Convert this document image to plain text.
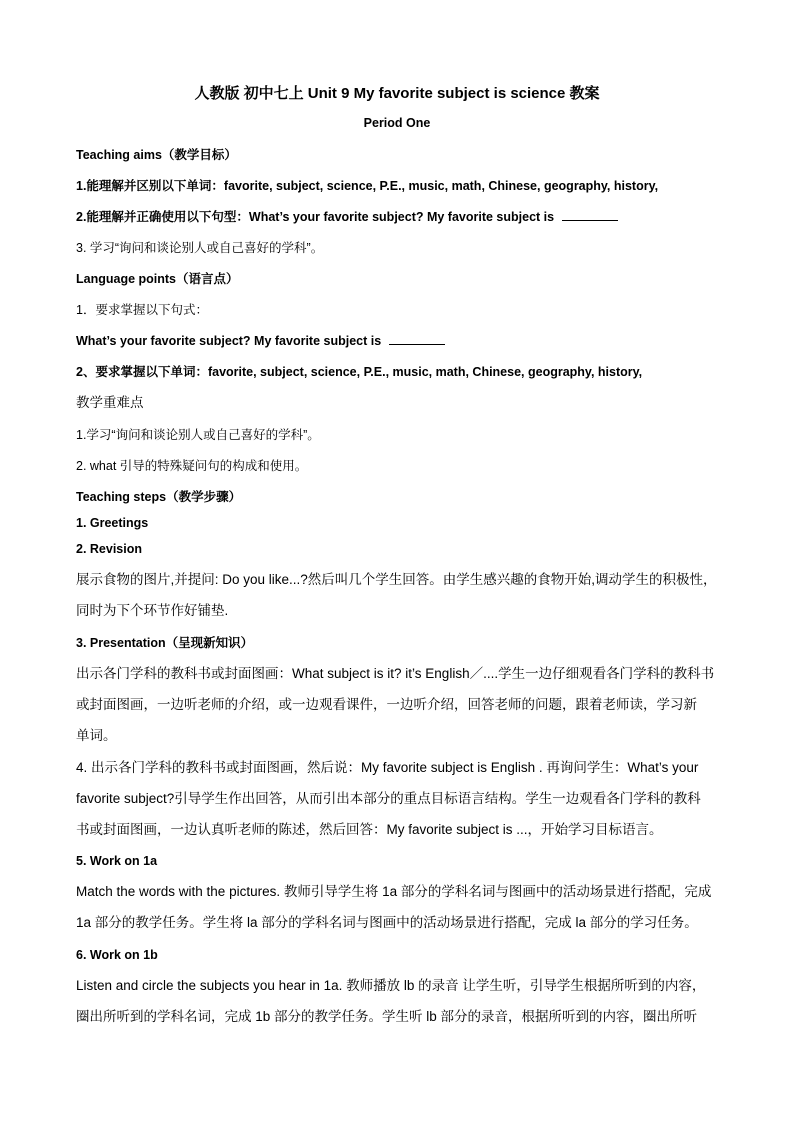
人教版 初中七上 Unit 9 My favorite subject is science 教案
Period One
Teaching aims（教学目标）
1.能理解并区别以下单词：favorite, subject, science, P.E., music, math, Chinese, geography, history,
2.能理解并正确使用以下句型：What’s your favorite subject? My favorite subject is
3. 学习“询问和谈论别人或自己喜好的学科”。
Language points（语言点）
1．要求掌握以下句式：
What’s your favorite subject? My favorite subject is
2、要求掌握以下单词：favorite, subject, science, P.E., music, math, Chinese, geography, history,
教学重难点
1.学习“询问和谈论别人或自己喜好的学科”。
2. what 引导的特殊疑问句的构成和使用。
Teaching steps（教学步骤）
1. Greetings
2. Revision
展示食物的图片,并提问: Do you like...?然后叫几个学生回答。由学生感兴趣的食物开始,调动学生的积极性，
同时为下个环节作好铺垫.
3. Presentation（呈现新知识）
出示各门学科的教科书或封面图画：What subject is it? it’s English／....学生一边仔细观看各门学科的教科书
或封面图画，一边听老师的介绍，或一边观看课件，一边听介绍，回答老师的问题，跟着老师读，学习新
单词。
4. 出示各门学科的教科书或封面图画，然后说：My favorite subject is English . 再询问学生：What’s your
favorite subject?引导学生作出回答，从而引出本部分的重点目标语言结构。学生一边观看各门学科的教科
书或封面图画，一边认真听老师的陈述，然后回答：My favorite subject is ...，开始学习目标语言。
5. Work on 1a
Match the words with the pictures. 教师引导学生将 1a 部分的学科名词与图画中的活动场景进行搭配，完成
1a 部分的教学任务。学生将 la 部分的学科名词与图画中的活动场景进行搭配，完成 la 部分的学习任务。
6. Work on 1b
Listen and circle the subjects you hear in 1a. 教师播放 lb 的录音 让学生听，引导学生根据所听到的内容，
圈出所听到的学科名词，完成 1b 部分的教学任务。学生听 lb 部分的录音，根据所听到的内容，圈出所听
